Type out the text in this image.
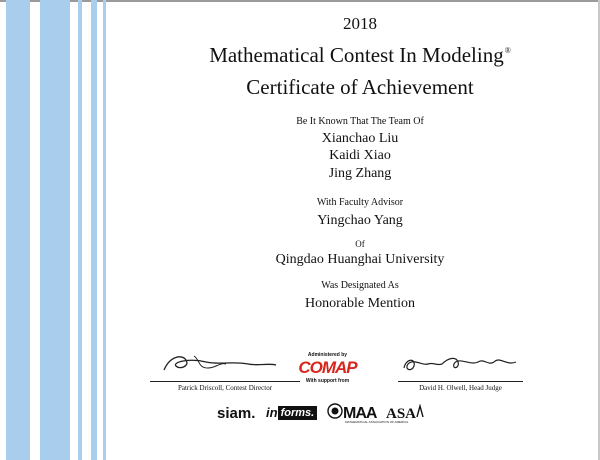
2018
Mathematical Contest In Modeling®
Certificate of Achievement
Be It Known That The Team Of
Xianchao Liu
Kaidi Xiao
Jing Zhang
With Faculty Advisor
Yingchao Yang
Of
Qingdao Huanghai University
Was Designated As
Honorable Mention
Patrick Driscoll, Contest Director
Administered by
COMAP
With support from
David H. Olwell, Head Judge
siam. in forms.	MAA
MATHEMATICAL ASSOCIATION OF AMERICA
ASA
